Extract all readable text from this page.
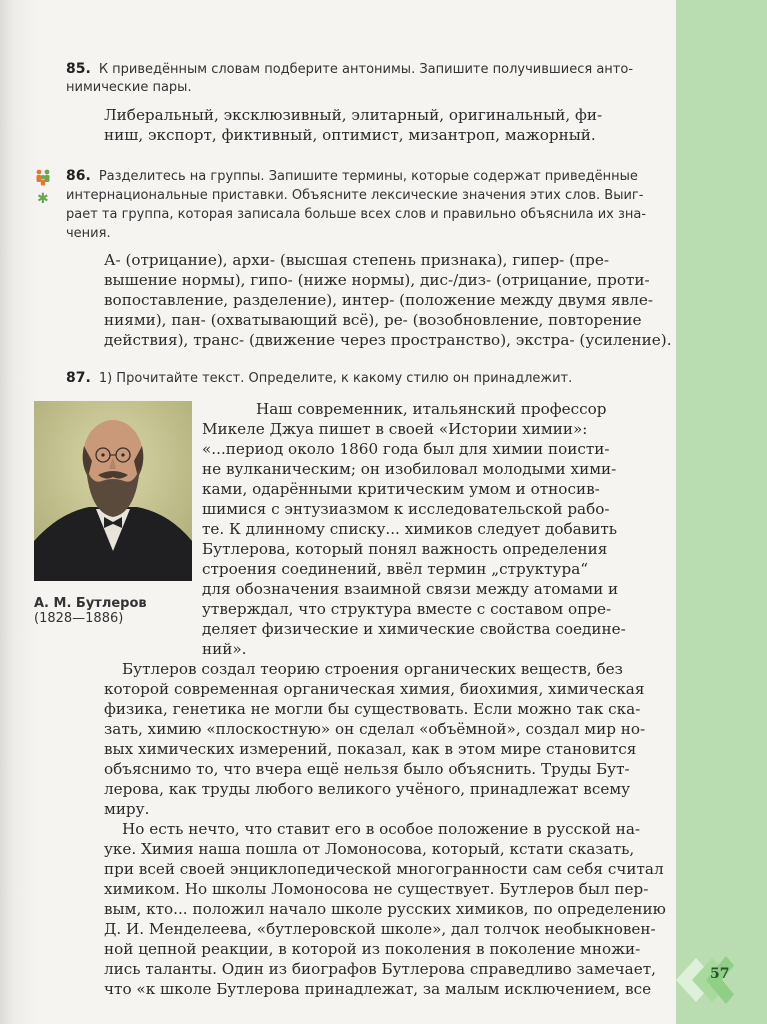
85. К приведённым словам подберите антонимы. Запишите получившиеся анто-
нимические пары.
Либеральный, эксклюзивный, элитарный, оригинальный, фи-
ниш, экспорт, фиктивный, оптимист, мизантроп, мажорный.
✱
86. Разделитесь на группы. Запишите термины, которые содержат приведённые
интернациональные приставки. Объясните лексические значения этих слов. Выиг-
рает та группа, которая записала больше всех слов и правильно объяснила их зна-
чения.
А- (отрицание), архи- (высшая степень признака), гипер- (пре-
вышение нормы), гипо- (ниже нормы), дис-/диз- (отрицание, проти-
вопоставление, разделение), интер- (положение между двумя явле-
ниями), пан- (охватывающий всё), ре- (возобновление, повторение
действия), транс- (движение через пространство), экстра- (усиление).
87. 1) Прочитайте текст. Определите, к какому стилю он принадлежит.
А. М. Бутлеров
(1828—1886)
Наш современник, итальянский профессор
Микеле Джуа пишет в своей «Истории химии»:
«...период около 1860 года был для химии поисти-
не вулканическим; он изобиловал молодыми хими-
ками, одарёнными критическим умом и относив-
шимися с энтузиазмом к исследовательской рабо-
те. К длинному списку... химиков следует добавить
Бутлерова, который понял важность определения
строения соединений, ввёл термин „структура“
для обозначения взаимной связи между атомами и
утверждал, что структура вместе с составом опре-
деляет физические и химические свойства соедине-
ний».
Бутлеров создал теорию строения органических веществ, без
которой современная органическая химия, биохимия, химическая
физика, генетика не могли бы существовать. Если можно так ска-
зать, химию «плоскостную» он сделал «объёмной», создал мир но-
вых химических измерений, показал, как в этом мире становится
объяснимо то, что вчера ещё нельзя было объяснить. Труды Бут-
лерова, как труды любого великого учёного, принадлежат всему
миру.
Но есть нечто, что ставит его в особое положение в русской на-
уке. Химия наша пошла от Ломоносова, который, кстати сказать,
при всей своей энциклопедической многогранности сам себя считал
химиком. Но школы Ломоносова не существует. Бутлеров был пер-
вым, кто... положил начало школе русских химиков, по определению
Д. И. Менделеева, «бутлеровской школе», дал толчок необыкновен-
ной цепной реакции, в которой из поколения в поколение множи-
лись таланты. Один из биографов Бутлерова справедливо замечает,
что «к школе Бутлерова принадлежат, за малым исключением, все
57
